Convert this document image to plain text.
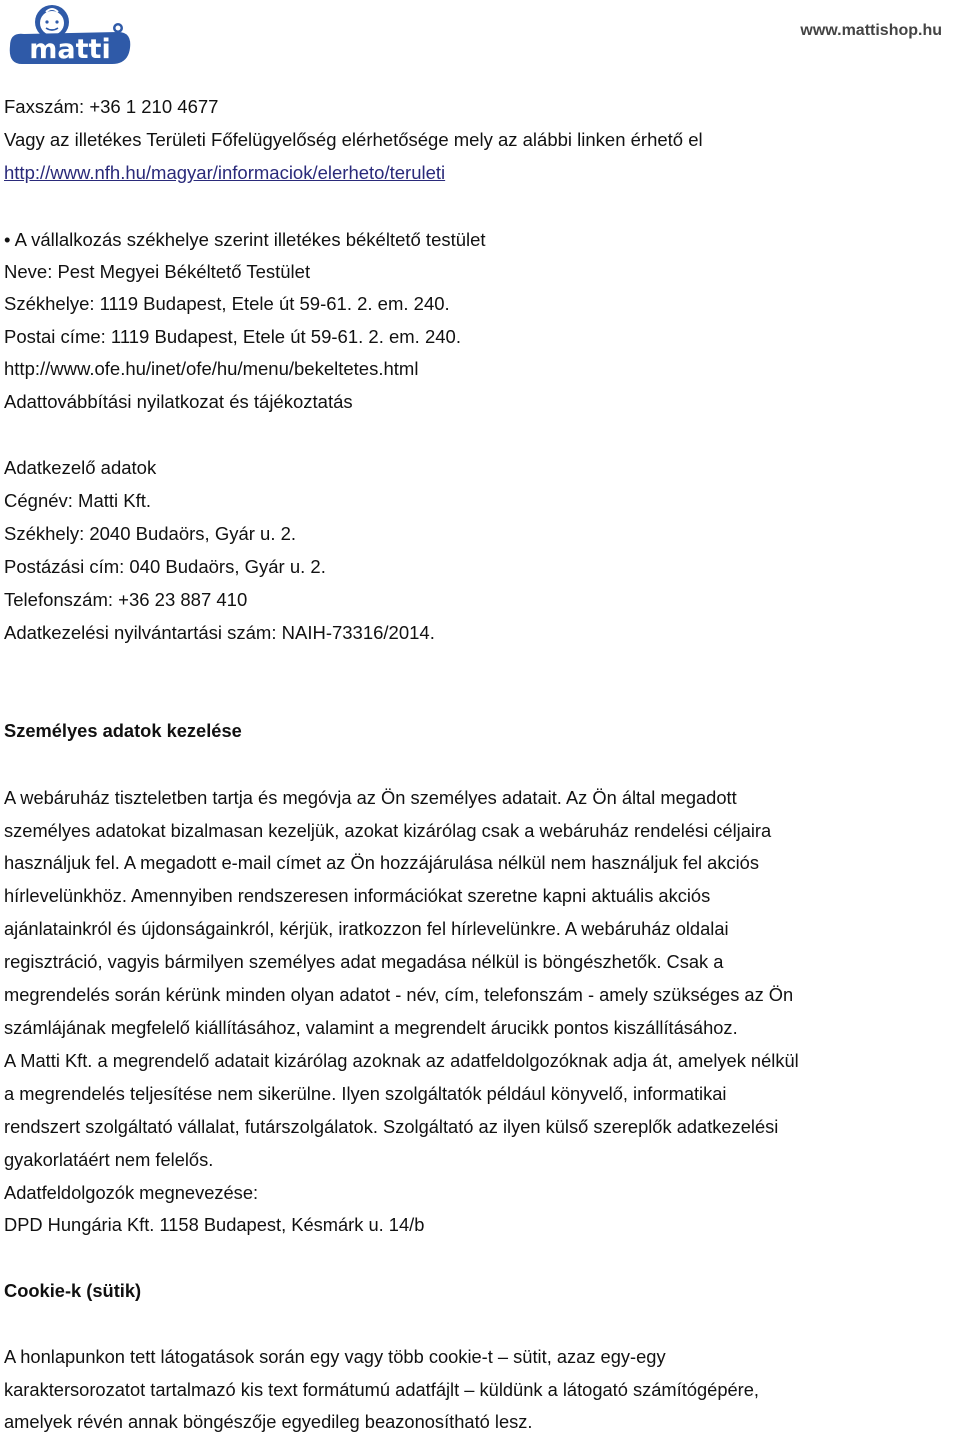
matti
www.mattishop.hu
Faxszám: +36 1 210 4677
Vagy az illetékes Területi Főfelügyelőség elérhetősége mely az alábbi linken érhető el
http://www.nfh.hu/magyar/informaciok/elerheto/teruleti
• A vállalkozás székhelye szerint illetékes békéltető testület
Neve: Pest Megyei Békéltető Testület
Székhelye: 1119 Budapest, Etele út 59-61. 2. em. 240.
Postai címe: 1119 Budapest, Etele út 59-61. 2. em. 240.
http://www.ofe.hu/inet/ofe/hu/menu/bekeltetes.html
Adattovábbítási nyilatkozat és tájékoztatás
Adatkezelő adatok
Cégnév: Matti Kft.
Székhely: 2040 Budaörs, Gyár u. 2.
Postázási cím: 040 Budaörs, Gyár u. 2.
Telefonszám: +36 23 887 410
Adatkezelési nyilvántartási szám: NAIH-73316/2014.
Személyes adatok kezelése
A webáruház tiszteletben tartja és megóvja az Ön személyes adatait. Az Ön által megadott
személyes adatokat bizalmasan kezeljük, azokat kizárólag csak a webáruház rendelési céljaira
használjuk fel. A megadott e-mail címet az Ön hozzájárulása nélkül nem használjuk fel akciós
hírlevelünkhöz. Amennyiben rendszeresen információkat szeretne kapni aktuális akciós
ajánlatainkról és újdonságainkról, kérjük, iratkozzon fel hírlevelünkre. A webáruház oldalai
regisztráció, vagyis bármilyen személyes adat megadása nélkül is böngészhetők. Csak a
megrendelés során kérünk minden olyan adatot - név, cím, telefonszám - amely szükséges az Ön
számlájának megfelelő kiállításához, valamint a megrendelt árucikk pontos kiszállításához.
A Matti Kft. a megrendelő adatait kizárólag azoknak az adatfeldolgozóknak adja át, amelyek nélkül
a megrendelés teljesítése nem sikerülne. Ilyen szolgáltatók például könyvelő, informatikai
rendszert szolgáltató vállalat, futárszolgálatok. Szolgáltató az ilyen külső szereplők adatkezelési
gyakorlatáért nem felelős.
Adatfeldolgozók megnevezése:
DPD Hungária Kft. 1158 Budapest, Késmárk u. 14/b
Cookie-k (sütik)
A honlapunkon tett látogatások során egy vagy több cookie-t – sütit, azaz egy-egy
karaktersorozatot tartalmazó kis text formátumú adatfájlt – küldünk a látogató számítógépére,
amelyek révén annak böngészője egyedileg beazonosítható lesz.
